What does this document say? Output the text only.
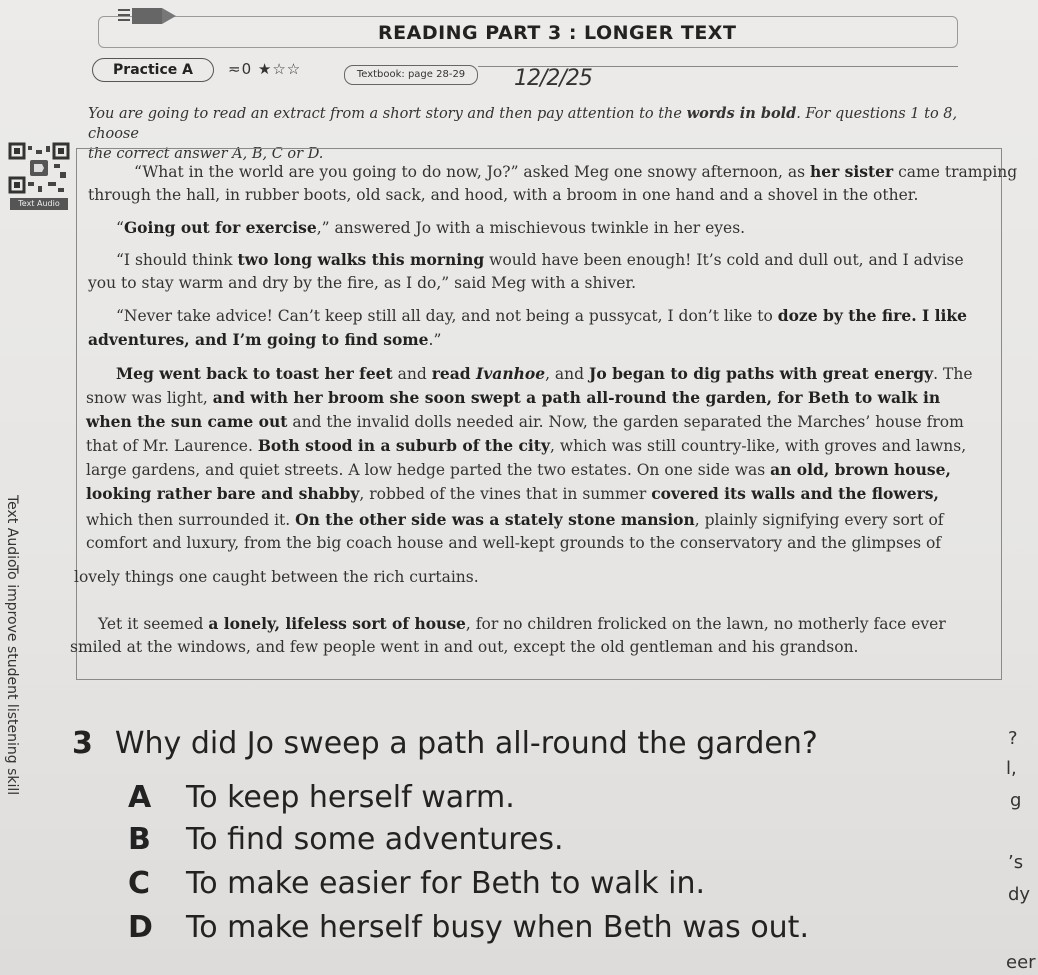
READING PART 3 : LONGER TEXT
Practice A	≂0 ★☆☆	Textbook: page 28-29	12/2/25
You are going to read an extract from a short story and then pay attention to the words in bold. For questions 1 to 8, choose
the correct answer A, B, C or D.
Text Audio
“What in the world are you going to do now, Jo?” asked Meg one snowy afternoon, as her sister came tramping
through the hall, in rubber boots, old sack, and hood, with a broom in one hand and a shovel in the other.
“Going out for exercise,” answered Jo with a mischievous twinkle in her eyes.
“I should think two long walks this morning would have been enough! It’s cold and dull out, and I advise
you to stay warm and dry by the fire, as I do,” said Meg with a shiver.
“Never take advice! Can’t keep still all day, and not being a pussycat, I don’t like to doze by the fire. I like
adventures, and I’m going to find some.”
Meg went back to toast her feet and read Ivanhoe, and Jo began to dig paths with great energy. The
snow was light, and with her broom she soon swept a path all-round the garden, for Beth to walk in
when the sun came out and the invalid dolls needed air. Now, the garden separated the Marches’ house from
that of Mr. Laurence. Both stood in a suburb of the city, which was still country-like, with groves and lawns,
large gardens, and quiet streets. A low hedge parted the two estates. On one side was an old, brown house,
looking rather bare and shabby, robbed of the vines that in summer covered its walls and the flowers,
which then surrounded it. On the other side was a stately stone mansion, plainly signifying every sort of
comfort and luxury, from the big coach house and well-kept grounds to the conservatory and the glimpses of
lovely things one caught between the rich curtains.
Yet it seemed a lonely, lifeless sort of house, for no children frolicked on the lawn, no motherly face ever
smiled at the windows, and few people went in and out, except the old gentleman and his grandson.
Text Audio
To improve student listening skill 3 Why did Jo sweep a path all-round the garden?
A To keep herself warm.
B To find some adventures.
C To make easier for Beth to walk in.
D To make herself busy when Beth was out.
?
l,
g
’s
dy
eer
